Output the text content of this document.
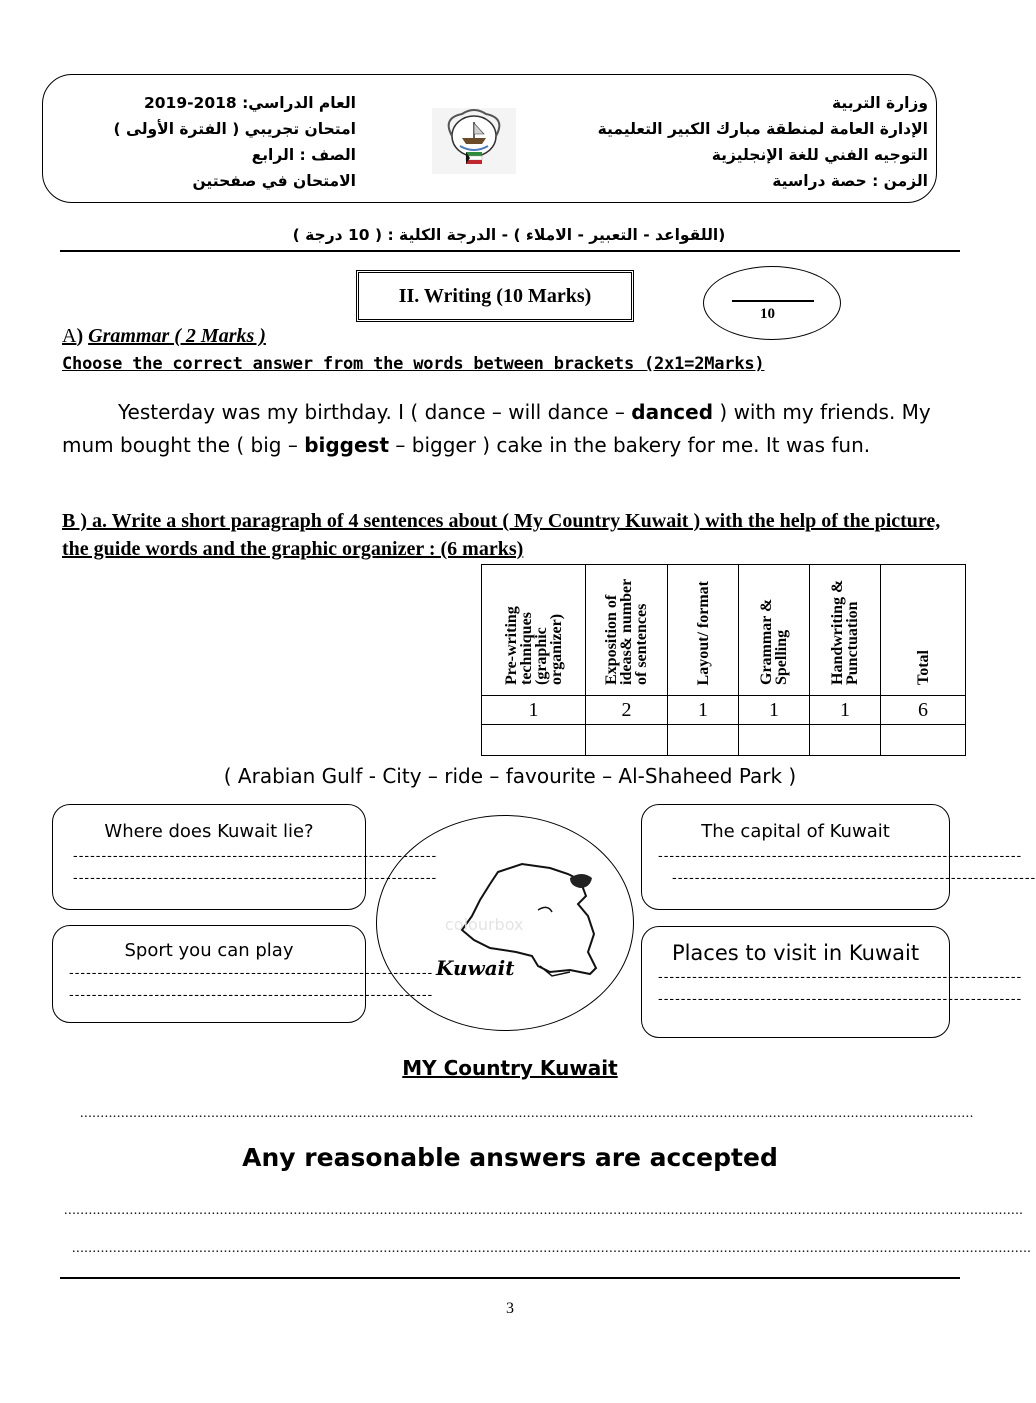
وزارة التربية
الإدارة العامة لمنطقة مبارك الكبير التعليمية
التوجيه الفني للغة الإنجليزية
الزمن : حصة دراسية
العام الدراسي: 2018-2019
امتحان تجريبي ( الفترة الأولى )
الصف : الرابع
الامتحان في صفحتين
(اللقواعد - التعبير - الاملاء ) - الدرجة الكلية : ( 10 درجة )
II. Writing (10 Marks)
10
A) Grammar ( 2 Marks )
Choose the correct answer from the words between brackets (2x1=2Marks)
Yesterday was my birthday. I ( dance – will dance – danced ) with my friends. My mum bought the ( big – biggest – bigger ) cake in the bakery for me. It was fun.
B ) a. Write a short paragraph of 4 sentences about ( My Country Kuwait ) with the help of the picture, the guide words and the graphic organizer : (6 marks)
Pre-writing techniques (graphic organizer)	Exposition of ideas& number of sentences	Layout/ format	Grammar & Spelling	Handwriting & Punctuation	Total
1	2	1	1	1	6

( Arabian Gulf - City – ride – favourite – Al-Shaheed Park )
Where does Kuwait lie?
----------------------------------------------------------------
----------------------------------------------------------------
Sport you can play
----------------------------------------------------------------
----------------------------------------------------------------
The capital of Kuwait
----------------------------------------------------------------
----------------------------------------------------------------
Places to visit in Kuwait
----------------------------------------------------------------
----------------------------------------------------------------
colourbox
Kuwait
MY Country Kuwait
..........................................................................................................................................................................................................................
Any reasonable answers are accepted
..........................................................................................................................................................................................................................................
..........................................................................................................................................................................................................................................
3
